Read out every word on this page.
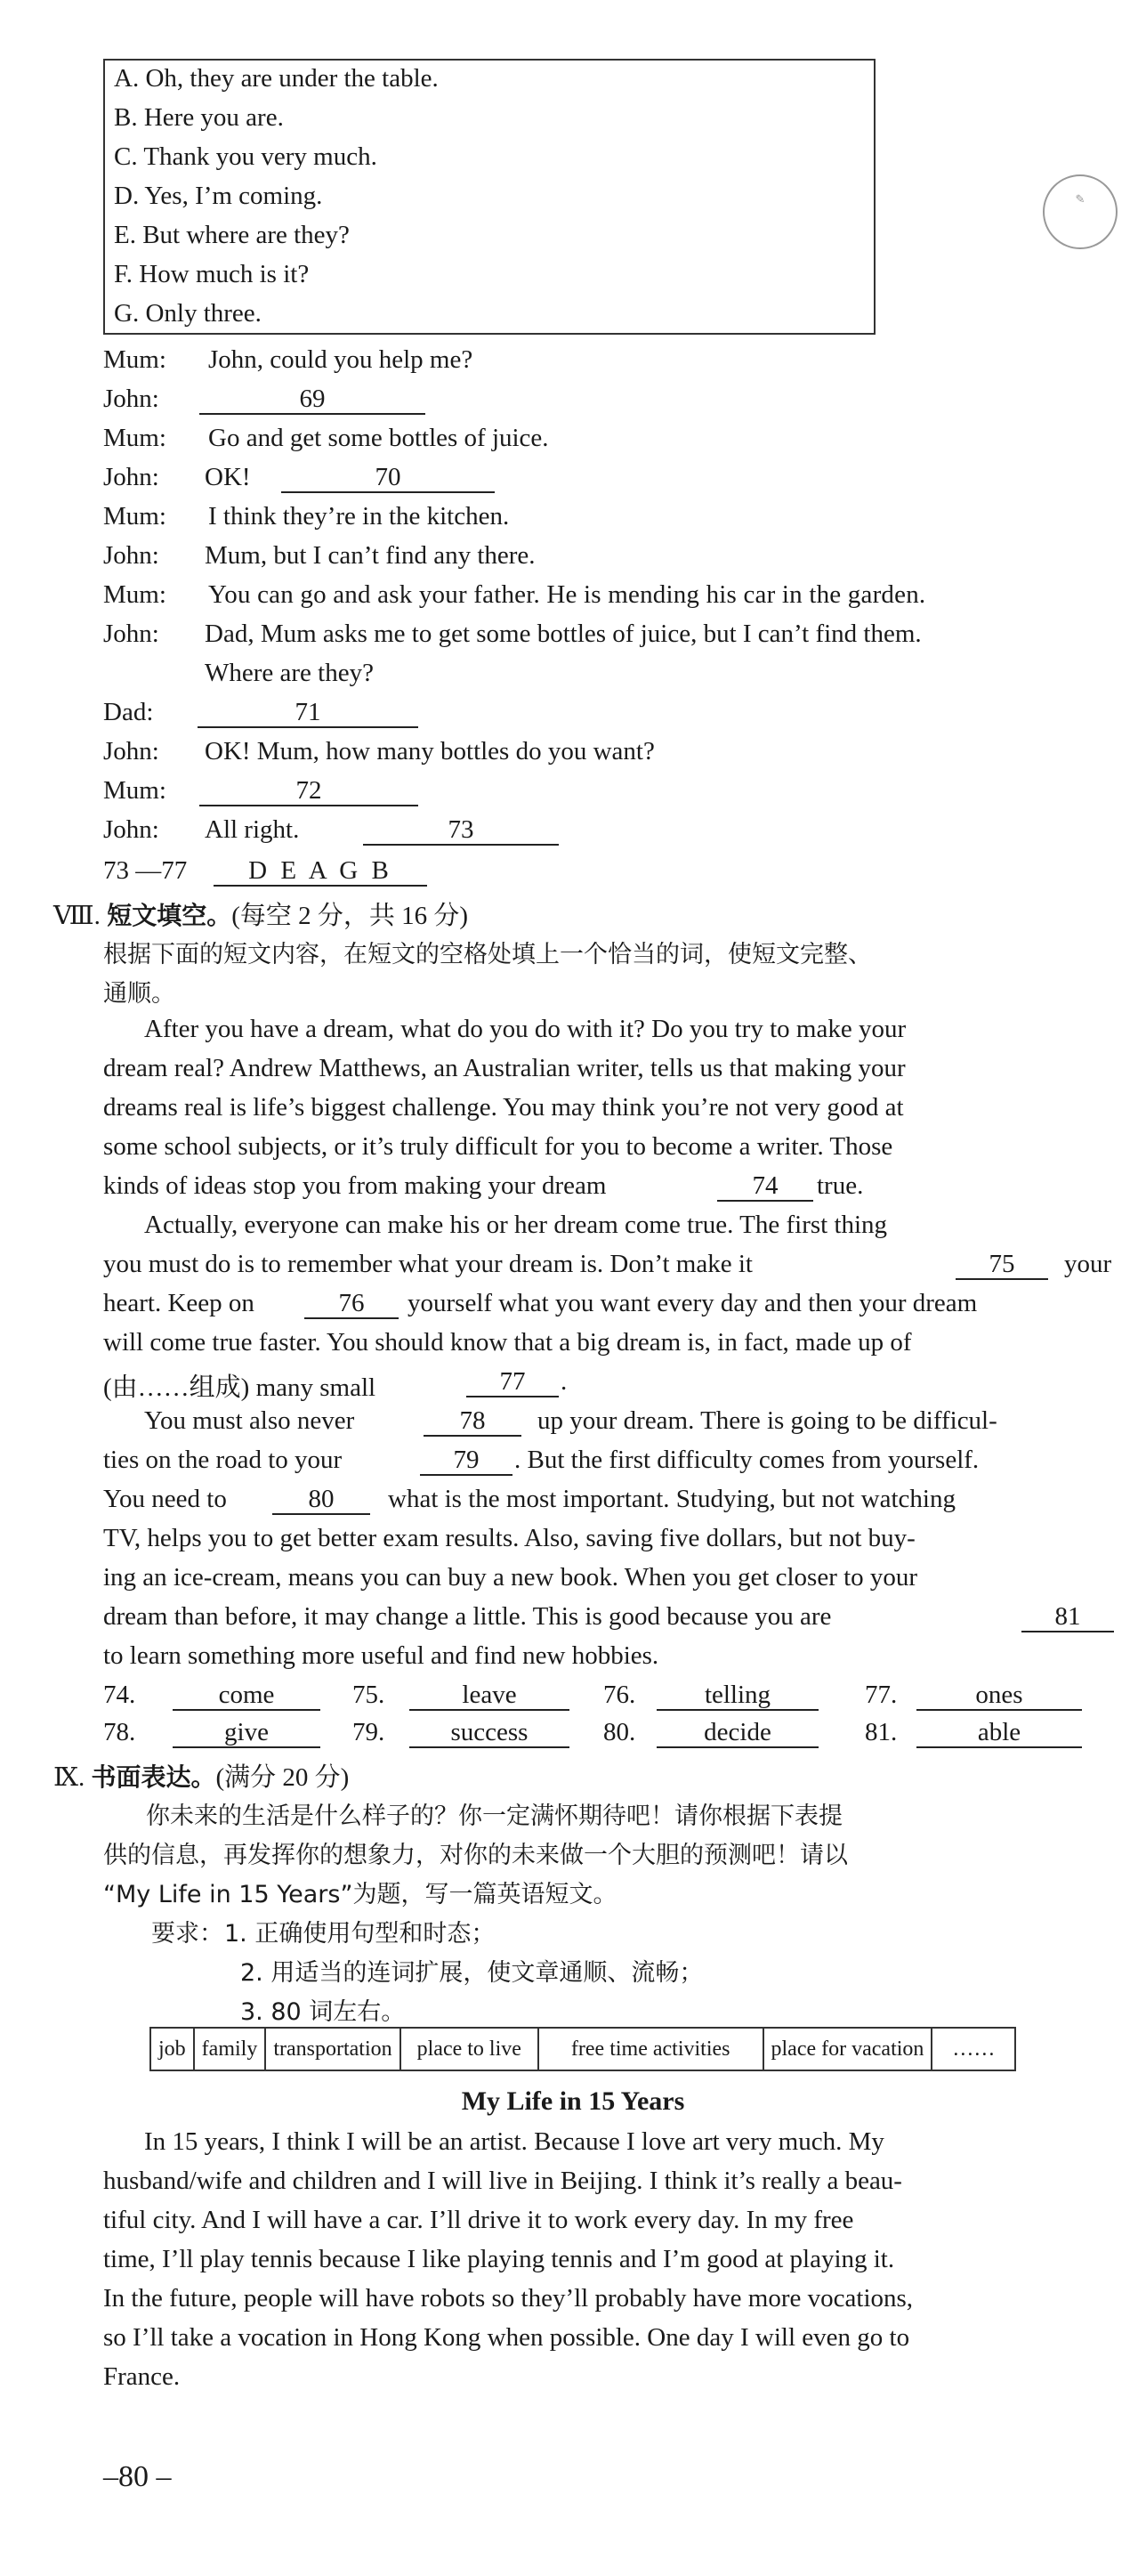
A. Oh, they are under the table.
B. Here you are.
C. Thank you very much.
D. Yes, I’m coming.
E. But where are they?
F. How much is it?
G. Only three.
✎
Mum: John, could you help me?
John:	69
Mum: Go and get some bottles of juice.
John: OK!	70
Mum: I think they’re in the kitchen.
John: Mum, but I can’t find any there.
Mum: You can go and ask your father. He is mending his car in the garden.
John: Dad, Mum asks me to get some bottles of juice, but I can’t find them.
Where are they?
Dad:	71
John: OK! Mum, how many bottles do you want?
Mum:	72
John: All right.	73
73 —77	D E A G B
Ⅷ. 短文填空。(每空 2 分，共 16 分)
根据下面的短文内容，在短文的空格处填上一个恰当的词，使短文完整、
通顺。
After you have a dream, what do you do with it? Do you try to make your
dream real? Andrew Matthews, an Australian writer, tells us that making your
dreams real is life’s biggest challenge. You may think you’re not very good at
some school subjects, or it’s truly difficult for you to become a writer. Those
kinds of ideas stop you from making your dream	74	true.
Actually, everyone can make his or her dream come true. The first thing
you must do is to remember what your dream is. Don’t make it	75	your
heart. Keep on	76	yourself what you want every day and then your dream
will come true faster. You should know that a big dream is, in fact, made up of
(由……组成) many small	77	.
You must also never	78	up your dream. There is going to be difficul-
ties on the road to your	79	. But the first difficulty comes from yourself.
You need to	80	what is the most important. Studying, but not watching
TV, helps you to get better exam results. Also, saving five dollars, but not buy-
ing an ice-cream, means you can buy a new book. When you get closer to your
dream than before, it may change a little. This is good because you are	81
to learn something more useful and find new hobbies.
74.	come	75.	leave	76.	telling	77.	ones
78.	give	79.	success	80.	decide	81.	able
Ⅸ. 书面表达。(满分 20 分)
你未来的生活是什么样子的？你一定满怀期待吧！请你根据下表提
供的信息，再发挥你的想象力，对你的未来做一个大胆的预测吧！请以
“My Life in 15 Years”为题，写一篇英语短文。
要求： 1. 正确使用句型和时态；
2. 用适当的连词扩展，使文章通顺、流畅；
3. 80 词左右。
job	family	transportation	place to live	free time activities	place for vacation	……
My Life in 15 Years
In 15 years, I think I will be an artist. Because I love art very much. My
husband/wife and children and I will live in Beijing. I think it’s really a beau-
tiful city. And I will have a car. I’ll drive it to work every day. In my free
time, I’ll play tennis because I like playing tennis and I’m good at playing it.
In the future, people will have robots so they’ll probably have more vocations,
so I’ll take a vocation in Hong Kong when possible. One day I will even go to
France.
–80 –
